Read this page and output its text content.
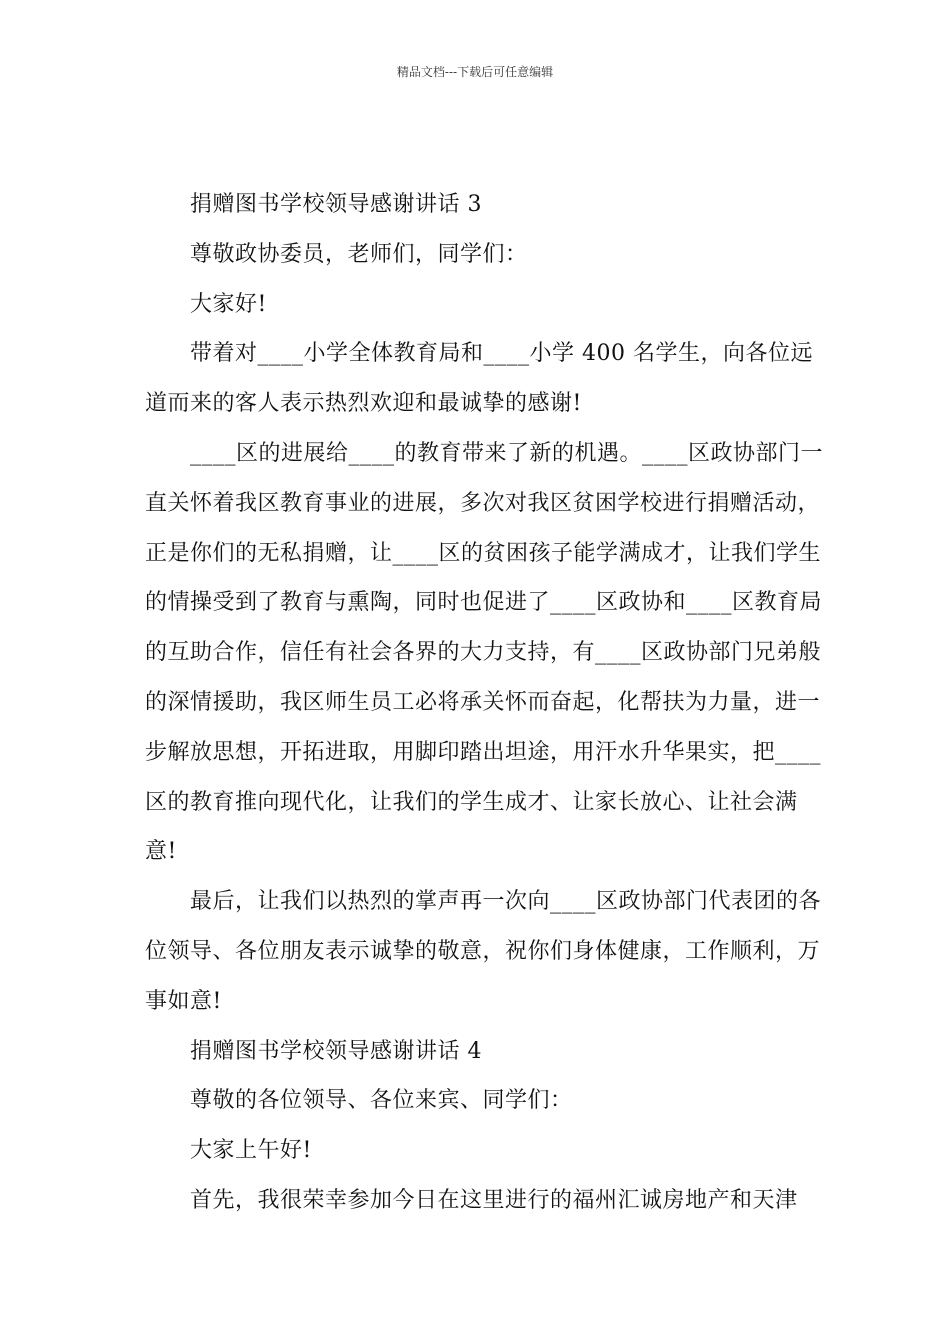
精品文档---下载后可任意编辑

捐赠图书学校领导感谢讲话 3

尊敬政协委员，老师们，同学们：

大家好!

带着对____小学全体教育局和____小学 400 名学生，向各位远道而来的客人表示热烈欢迎和最诚挚的感谢!

____区的进展给____的教育带来了新的机遇。____区政协部门一直关怀着我区教育事业的进展，多次对我区贫困学校进行捐赠活动，正是你们的无私捐赠，让____区的贫困孩子能学满成才，让我们学生的情操受到了教育与熏陶，同时也促进了____区政协和____区教育局的互助合作，信任有社会各界的大力支持，有____区政协部门兄弟般的深情援助，我区师生员工必将承关怀而奋起，化帮扶为力量，进一步解放思想，开拓进取，用脚印踏出坦途，用汗水升华果实，把____区的教育推向现代化，让我们的学生成才、让家长放心、让社会满意!

最后，让我们以热烈的掌声再一次向____区政协部门代表团的各位领导、各位朋友表示诚挚的敬意，祝你们身体健康，工作顺利，万事如意!

捐赠图书学校领导感谢讲话 4

尊敬的各位领导、各位来宾、同学们：

大家上午好!

首先，我很荣幸参加今日在这里进行的福州汇诚房地产和天津
